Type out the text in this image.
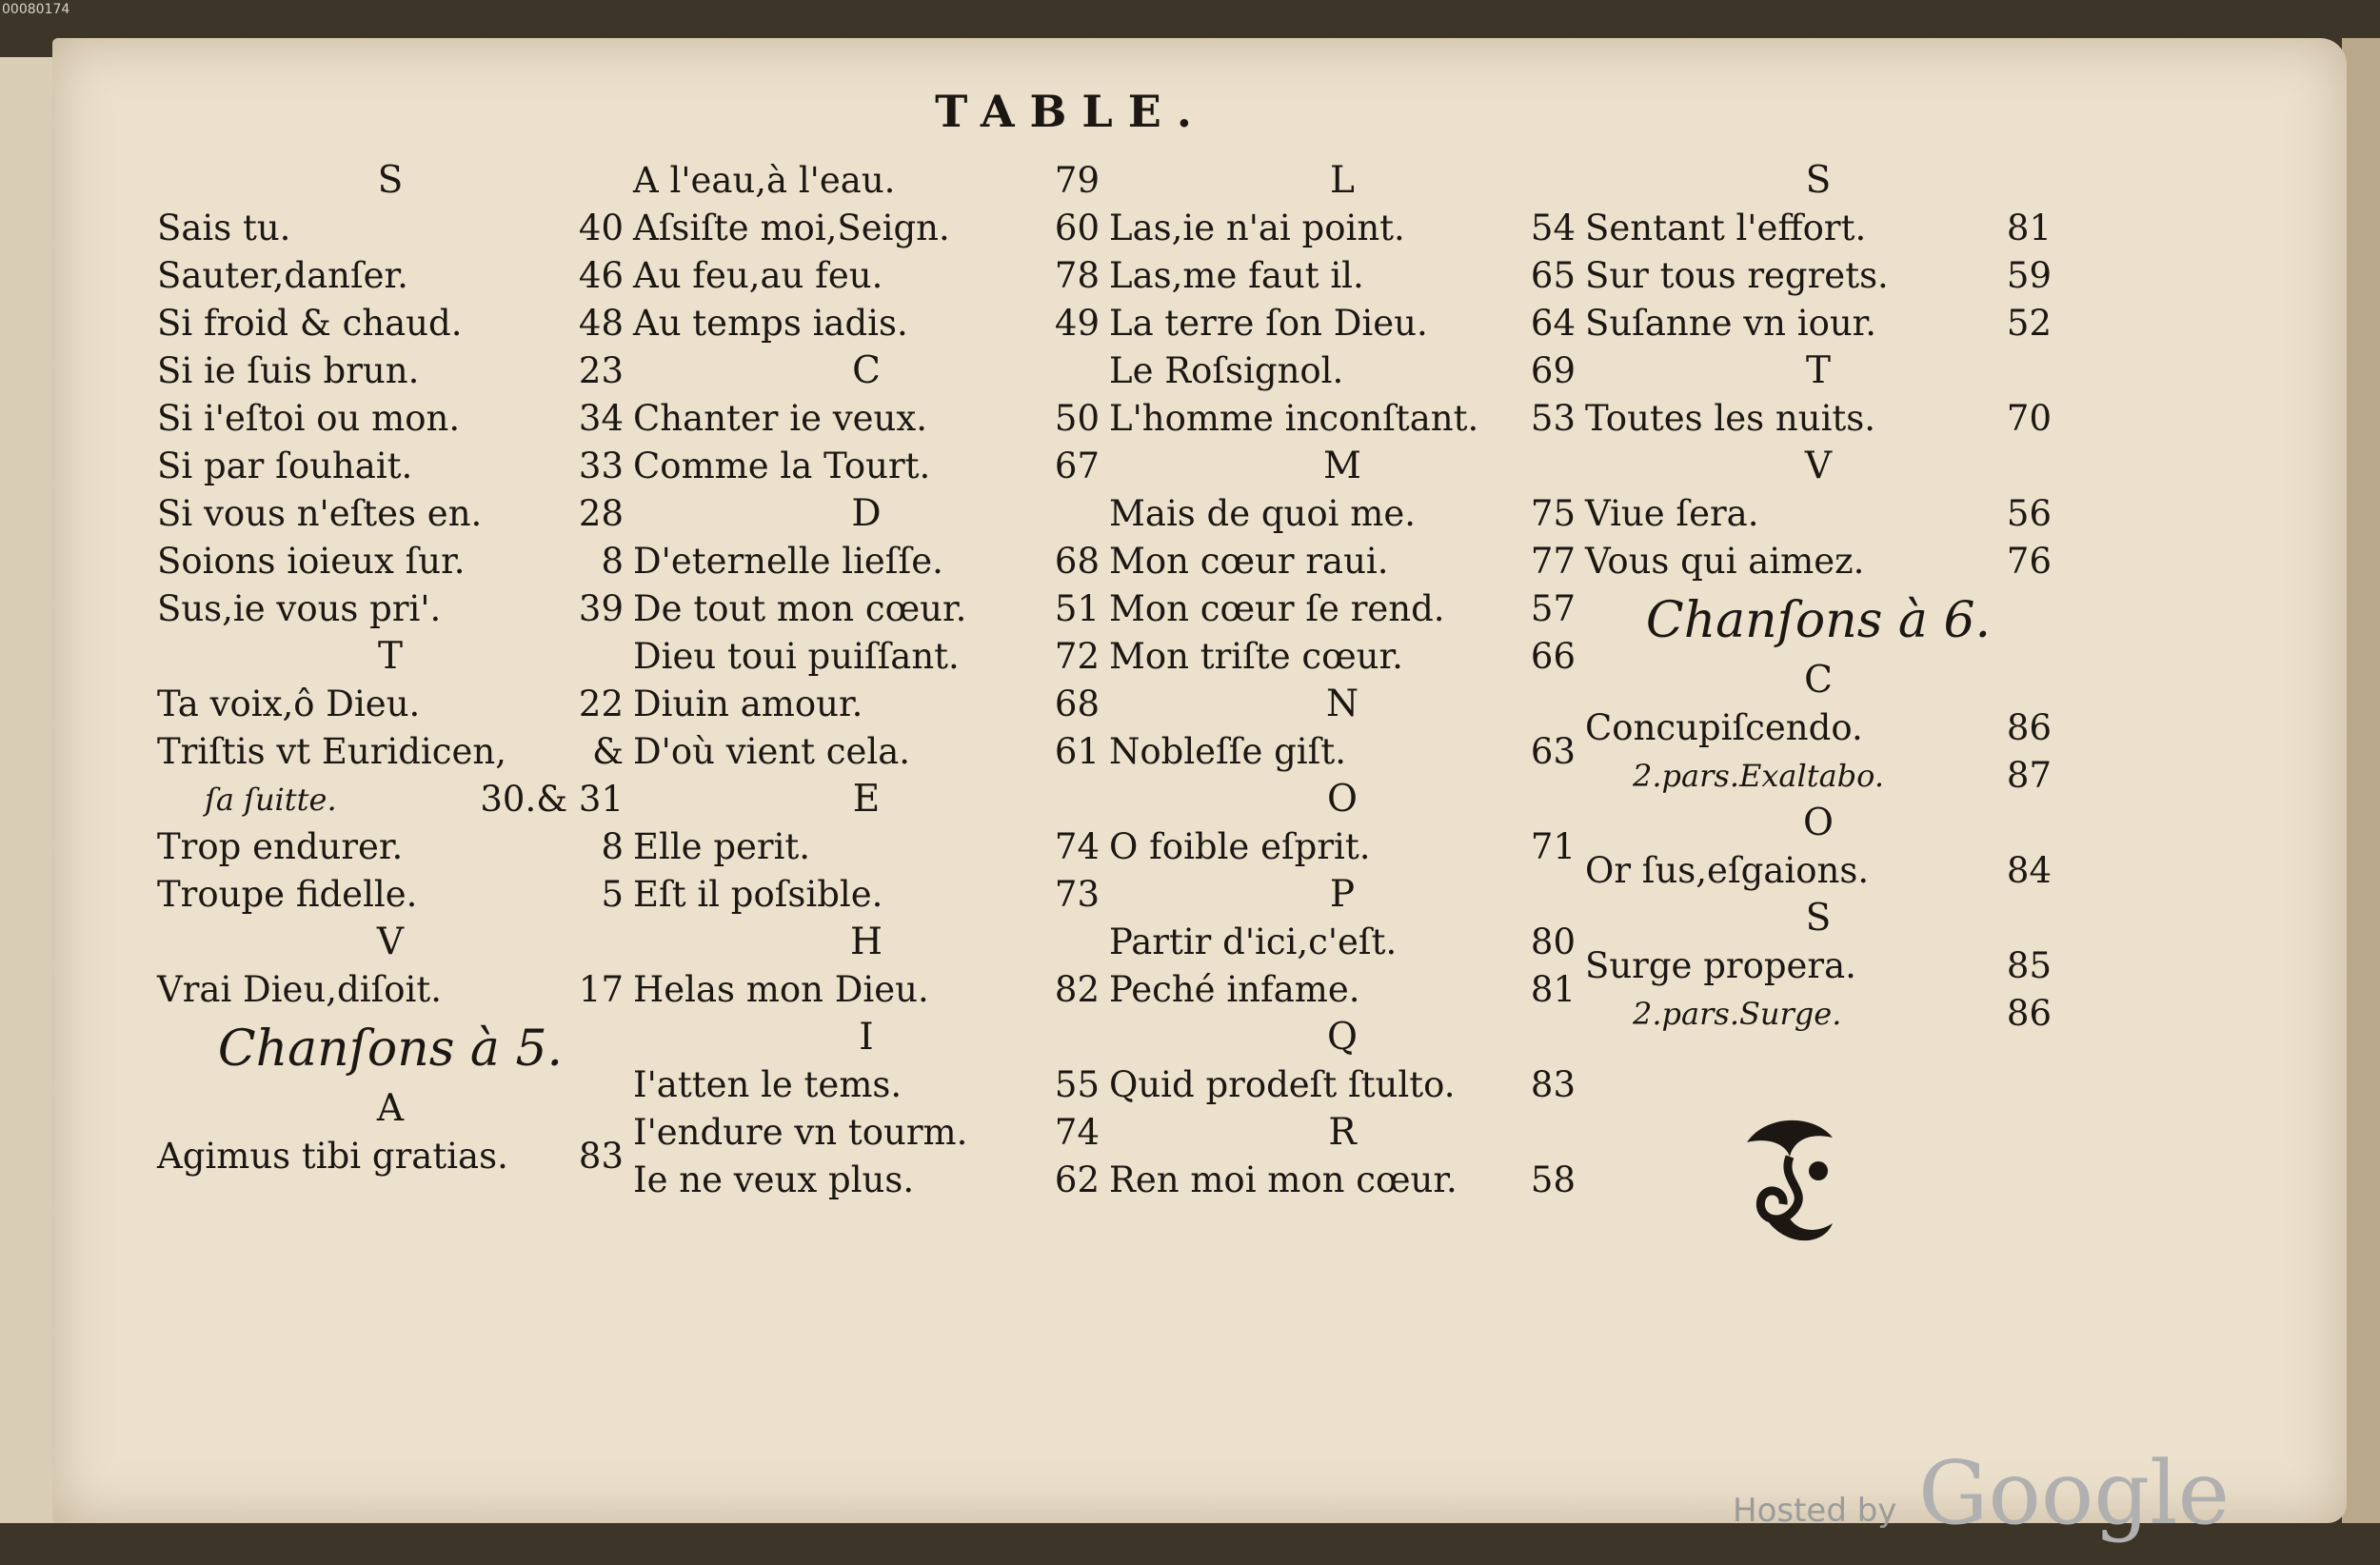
00080174
TABLE.
S
Sais tu.	40
Sauter,danſer.	46
Si froid & chaud.	48
Si ie ſuis brun.	23
Si i'eſtoi ou mon.	34
Si par ſouhait.	33
Si vous n'eſtes en.	28
Soions ioieux ſur.	8
Sus,ie vous pri'.	39
T
Ta voix,ô Dieu.	22
Triſtis vt Euridicen, &
ſa ſuitte.	30.& 31
Trop endurer.	8
Troupe fidelle.	5
V
Vrai Dieu,diſoit.	17
Chanſons à 5.
A
Agimus tibi gratias. 83
A l'eau,à l'eau.	79
Aſsiſte moi,Seign.	60
Au feu,au feu.	78
Au temps iadis.	49
C
Chanter ie veux.	50
Comme la Tourt.	67
D
D'eternelle lieſſe.	68
De tout mon cœur.	51
Dieu toui puiſſant.	72
Diuin amour.	68
D'où vient cela.	61
E
Elle perit.	74
Eſt il poſsible.	73
H
Helas mon Dieu.	82
I
I'atten le tems.	55
I'endure vn tourm. 74
Ie ne veux plus.	62
L
Las,ie n'ai point.	54
Las,me faut il.	65
La terre ſon Dieu.	64
Le Roſsignol.	69
L'homme inconſtant. 53
M
Mais de quoi me.	75
Mon cœur raui.	77
Mon cœur ſe rend. 57
Mon triſte cœur.	66
N
Nobleſſe giſt.	63
O
O foible eſprit.	71
P
Partir d'ici,c'eſt.	80
Peché infame.	81
Q
Quid prodeſt ſtulto. 83
R
Ren moi mon cœur. 58
S
Sentant l'effort.	81
Sur tous regrets.	59
Suſanne vn iour.	52
T
Toutes les nuits.	70
V
Viue ſera.	56
Vous qui aimez.	76
Chanſons à 6.
C
Concupiſcendo.	86
2.pars.Exaltabo.	87
O
Or ſus,eſgaions.	84
S
Surge propera.	85
2.pars.Surge.	86
Hosted by Google
